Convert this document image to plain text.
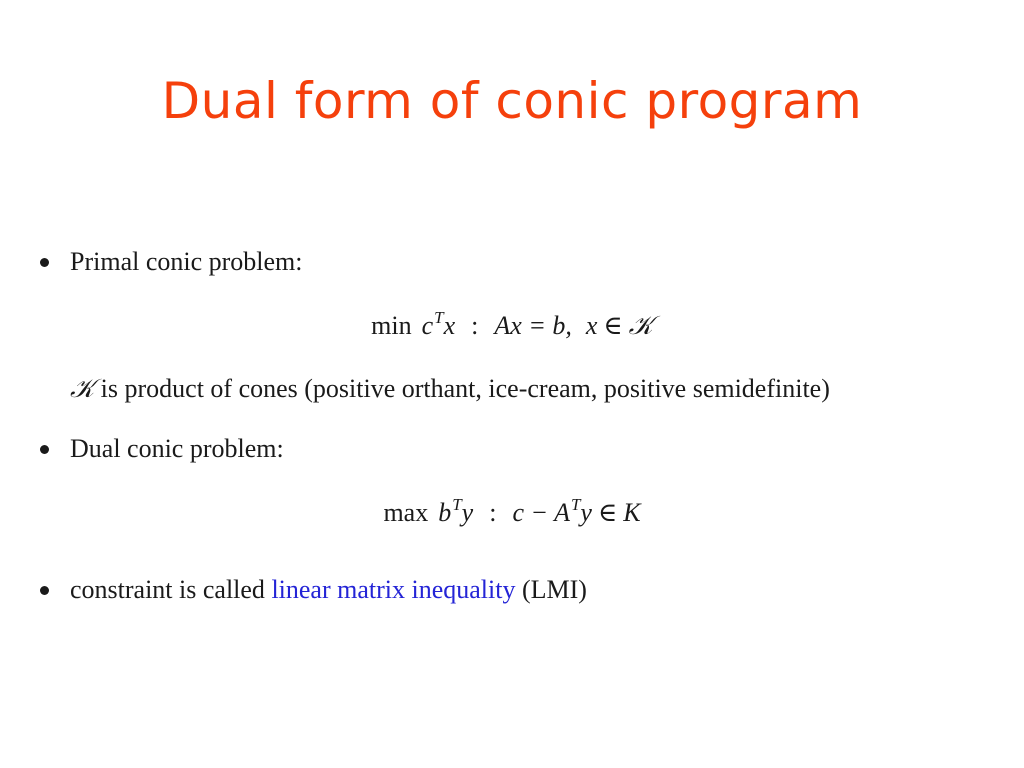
Dual form of conic program
Primal conic problem:
$\min c^Tx$ : Ax = b, x ∈ 𝒦
𝒦 is product of cones (positive orthant, ice-cream, positive semidefinite)
Dual conic problem:
$\max b^Ty$ : $c - A^Ty$ ∈ K
constraint is called linear matrix inequality (LMI)
